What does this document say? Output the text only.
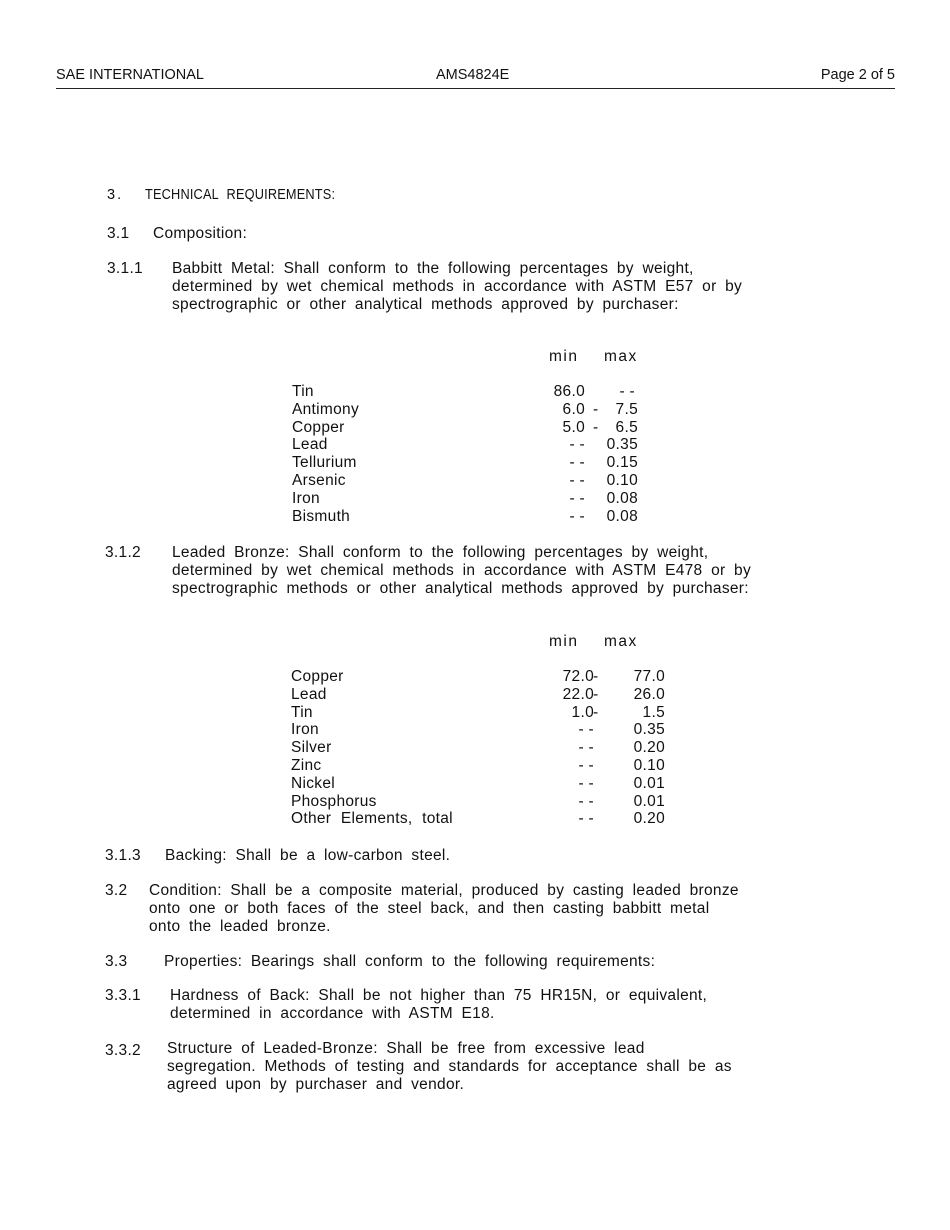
SAE INTERNATIONAL	AMS4824E	Page 2 of 5
3. TECHNICAL REQUIREMENTS:
3.1 Composition:
3.1.1 Babbitt Metal: Shall conform to the following percentages by weight,
determined by wet chemical methods in accordance with ASTM E57 or by
spectrographic or other analytical methods approved by purchaser:
min max
Tin	86.0	- -
Antimony	6.0 -	7.5
Copper	5.0 -	6.5
Lead	- -	0.35
Tellurium	- -	0.15
Arsenic	- -	0.10
Iron	- -	0.08
Bismuth	- -	0.08
3.1.2 Leaded Bronze: Shall conform to the following percentages by weight,
determined by wet chemical methods in accordance with ASTM E478 or by
spectrographic methods or other analytical methods approved by purchaser:
min max
Copper	72.0 -	77.0
Lead	22.0 -	26.0
Tin	1.0 -	1.5
Iron	- -	0.35
Silver	- -	0.20
Zinc	- -	0.10
Nickel	- -	0.01
Phosphorus	- -	0.01
Other Elements, total	- -	0.20
3.1.3 Backing: Shall be a low-carbon steel.
3.2 Condition: Shall be a composite material, produced by casting leaded bronze
onto one or both faces of the steel back, and then casting babbitt metal
onto the leaded bronze.
3.3 Properties: Bearings shall conform to the following requirements:
3.3.1 Hardness of Back: Shall be not higher than 75 HR15N, or equivalent,
determined in accordance with ASTM E18.
3.3.2 Structure of Leaded-Bronze: Shall be free from excessive lead
segregation. Methods of testing and standards for acceptance shall be as
agreed upon by purchaser and vendor.
